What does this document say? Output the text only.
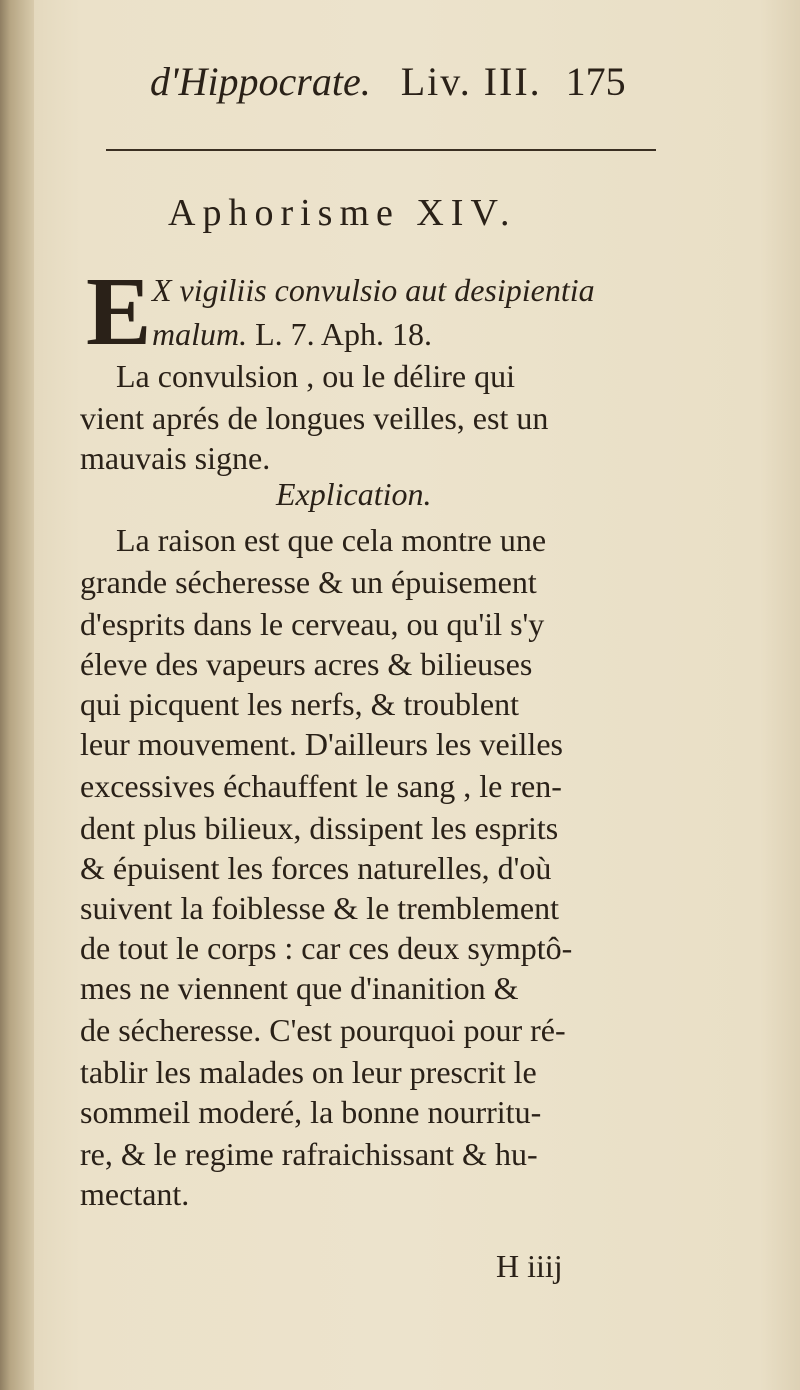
d'Hippocrate. Liv. III. 175
Aphorisme XIV.
E X vigiliis convulsio aut desipientia
malum. L. 7. Aph. 18.
La convulsion , ou le délire qui
vient aprés de longues veilles, est un
mauvais signe.
Explication.
La raison est que cela montre une
grande sécheresse & un épuisement
d'esprits dans le cerveau, ou qu'il s'y
éleve des vapeurs acres & bilieuses
qui picquent les nerfs, & troublent
leur mouvement. D'ailleurs les veilles
excessives échauffent le sang , le ren-
dent plus bilieux, dissipent les esprits
& épuisent les forces naturelles, d'où
suivent la foiblesse & le tremblement
de tout le corps : car ces deux symptô-
mes ne viennent que d'inanition &
de sécheresse. C'est pourquoi pour ré-
tablir les malades on leur prescrit le
sommeil moderé, la bonne nourritu-
re, & le regime rafraichissant & hu-
mectant.
H iiij
